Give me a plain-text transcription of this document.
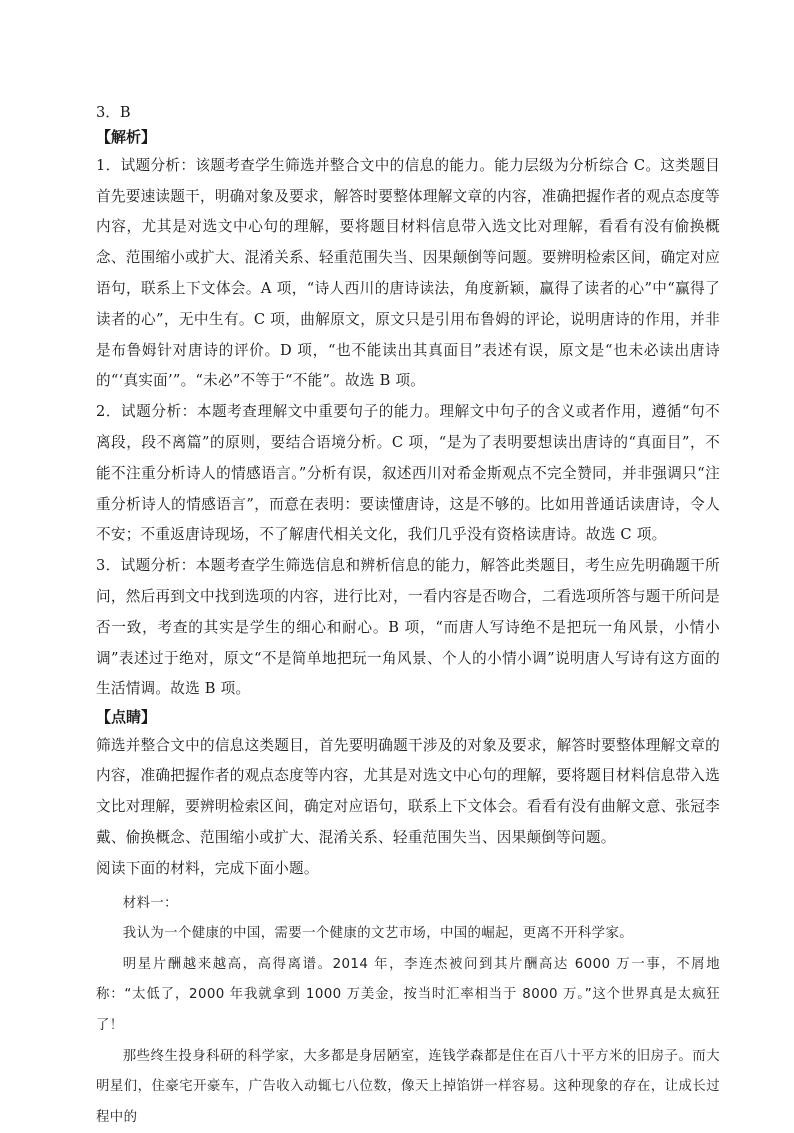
3．B

【解析】

1．试题分析：该题考查学生筛选并整合文中的信息的能力。能力层级为分析综合 C。这类题目首先要速读题干，明确对象及要求，解答时要整体理解文章的内容，准确把握作者的观点态度等内容，尤其是对选文中心句的理解，要将题目材料信息带入选文比对理解，看看有没有偷换概念、范围缩小或扩大、混淆关系、轻重范围失当、因果颠倒等问题。要辨明检索区间，确定对应语句，联系上下文体会。A 项，“诗人西川的唐诗读法，角度新颖，赢得了读者的心”中“赢得了读者的心”，无中生有。C 项，曲解原文，原文只是引用布鲁姆的评论，说明唐诗的作用，并非是布鲁姆针对唐诗的评价。D 项，“也不能读出其真面目”表述有误，原文是“也未必读出唐诗的“‘真实面’”。“未必”不等于“不能”。故选 B 项。

2．试题分析：本题考查理解文中重要句子的能力。理解文中句子的含义或者作用，遵循“句不离段，段不离篇”的原则，要结合语境分析。C 项，“是为了表明要想读出唐诗的“真面目”，不能不注重分析诗人的情感语言。”分析有误，叙述西川对希金斯观点不完全赞同，并非强调只“注重分析诗人的情感语言”，而意在表明：要读懂唐诗，这是不够的。比如用普通话读唐诗，令人不安；不重返唐诗现场，不了解唐代相关文化，我们几乎没有资格读唐诗。故选 C 项。

3．试题分析：本题考查学生筛选信息和辨析信息的能力，解答此类题目，考生应先明确题干所问，然后再到文中找到选项的内容，进行比对，一看内容是否吻合，二看选项所答与题干所问是否一致，考查的其实是学生的细心和耐心。B 项，“而唐人写诗绝不是把玩一角风景，小情小调”表述过于绝对，原文“不是简单地把玩一角风景、个人的小情小调”说明唐人写诗有这方面的生活情调。故选 B 项。

【点睛】

筛选并整合文中的信息这类题目，首先要明确题干涉及的对象及要求，解答时要整体理解文章的内容，准确把握作者的观点态度等内容，尤其是对选文中心句的理解，要将题目材料信息带入选文比对理解，要辨明检索区间，确定对应语句，联系上下文体会。看看有没有曲解文意、张冠李戴、偷换概念、范围缩小或扩大、混淆关系、轻重范围失当、因果颠倒等问题。

阅读下面的材料，完成下面小题。

材料一：

我认为一个健康的中国，需要一个健康的文艺市场，中国的崛起，更离不开科学家。

明星片酬越来越高，高得离谱。2014 年，李连杰被问到其片酬高达 6000 万一事，不屑地称：“太低了，2000 年我就拿到 1000 万美金，按当时汇率相当于 8000 万。”这个世界真是太疯狂了！

那些终生投身科研的科学家，大多都是身居陋室，连钱学森都是住在百八十平方米的旧房子。而大明星们，住豪宅开豪车，广告收入动辄七八位数，像天上掉馅饼一样容易。这种现象的存在，让成长过程中的
